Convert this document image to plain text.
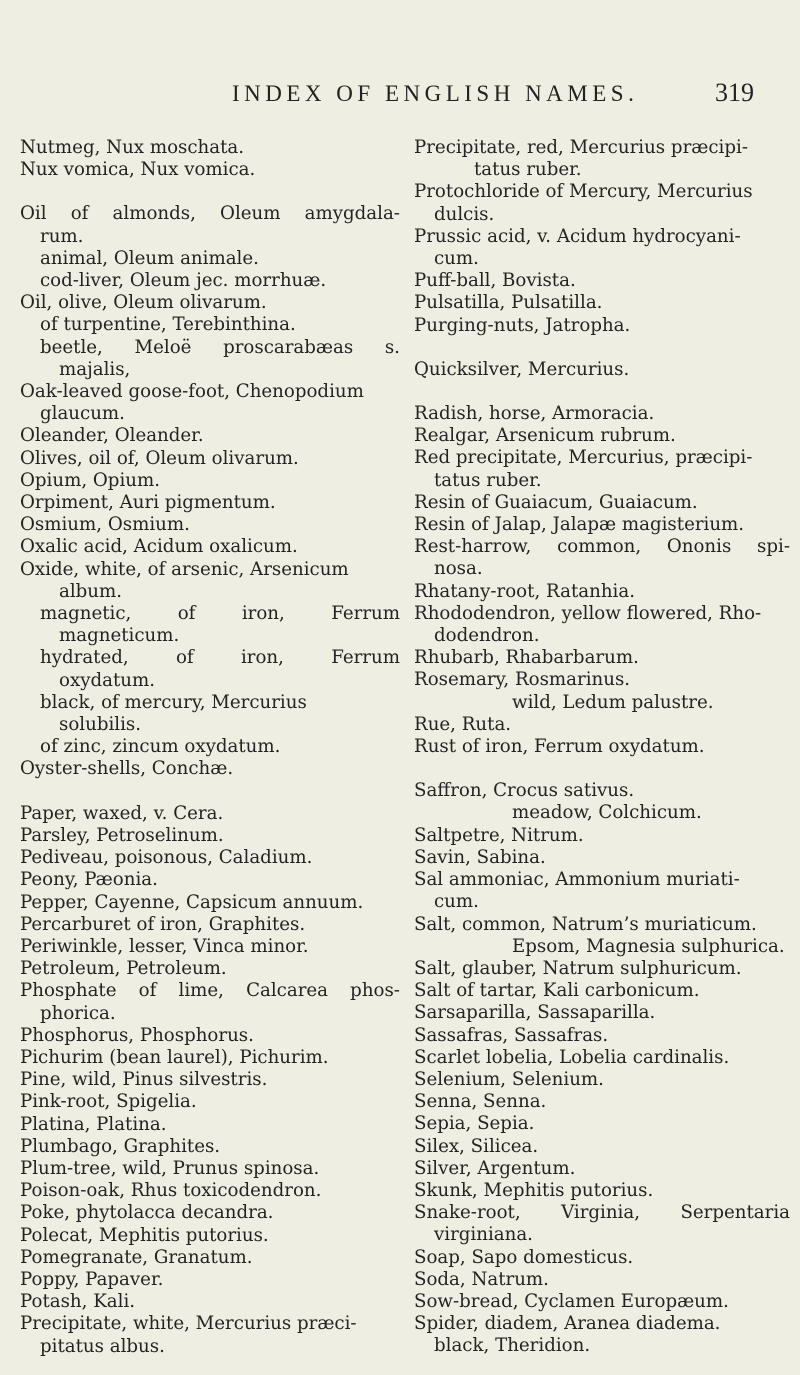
INDEX OF ENGLISH NAMES.	319
Nutmeg, Nux moschata.
Nux vomica, Nux vomica.
Oil of almonds, Oleum amygdala-
rum.
animal, Oleum animale.
cod-liver, Oleum jec. morrhuæ.
Oil, olive, Oleum olivarum.
of turpentine, Terebinthina.
beetle, Meloë proscarabæas s.
majalis,
Oak-leaved goose-foot, Chenopodium
glaucum.
Oleander, Oleander.
Olives, oil of, Oleum olivarum.
Opium, Opium.
Orpiment, Auri pigmentum.
Osmium, Osmium.
Oxalic acid, Acidum oxalicum.
Oxide, white, of arsenic, Arsenicum
album.
magnetic,	of	iron,	Ferrum
magneticum.
hydrated,	of	iron,	Ferrum
oxydatum.
black, of mercury, Mercurius
solubilis.
of zinc, zincum oxydatum.
Oyster-shells, Conchæ.
Paper, waxed, v. Cera.
Parsley, Petroselinum.
Pediveau, poisonous, Caladium.
Peony, Pæonia.
Pepper, Cayenne, Capsicum annuum.
Percarburet of iron, Graphites.
Periwinkle, lesser, Vinca minor.
Petroleum, Petroleum.
Phosphate of lime, Calcarea phos-
phorica.
Phosphorus, Phosphorus.
Pichurim (bean laurel), Pichurim.
Pine, wild, Pinus silvestris.
Pink-root, Spigelia.
Platina, Platina.
Plumbago, Graphites.
Plum-tree, wild, Prunus spinosa.
Poison-oak, Rhus toxicodendron.
Poke, phytolacca decandra.
Polecat, Mephitis putorius.
Pomegranate, Granatum.
Poppy, Papaver.
Potash, Kali.
Precipitate, white, Mercurius præci-
pitatus albus.
Precipitate, red, Mercurius præcipi-
tatus ruber.
Protochloride of Mercury, Mercurius
dulcis.
Prussic acid, v. Acidum hydrocyani-
cum.
Puff-ball, Bovista.
Pulsatilla, Pulsatilla.
Purging-nuts, Jatropha.
Quicksilver, Mercurius.
Radish, horse, Armoracia.
Realgar, Arsenicum rubrum.
Red precipitate, Mercurius, præcipi-
tatus ruber.
Resin of Guaiacum, Guaiacum.
Resin of Jalap, Jalapæ magisterium.
Rest-harrow, common, Ononis spi-
nosa.
Rhatany-root, Ratanhia.
Rhododendron, yellow flowered, Rho-
dodendron.
Rhubarb, Rhabarbarum.
Rosemary, Rosmarinus.
wild, Ledum palustre.
Rue, Ruta.
Rust of iron, Ferrum oxydatum.
Saffron, Crocus sativus.
meadow, Colchicum.
Saltpetre, Nitrum.
Savin, Sabina.
Sal ammoniac, Ammonium muriati-
cum.
Salt, common, Natrum’s muriaticum.
Epsom, Magnesia sulphurica.
Salt, glauber, Natrum sulphuricum.
Salt of tartar, Kali carbonicum.
Sarsaparilla, Sassaparilla.
Sassafras, Sassafras.
Scarlet lobelia, Lobelia cardinalis.
Selenium, Selenium.
Senna, Senna.
Sepia, Sepia.
Silex, Silicea.
Silver, Argentum.
Skunk, Mephitis putorius.
Snake-root, Virginia, Serpentaria
virginiana.
Soap, Sapo domesticus.
Soda, Natrum.
Sow-bread, Cyclamen Europæum.
Spider, diadem, Aranea diadema.
black, Theridion.
